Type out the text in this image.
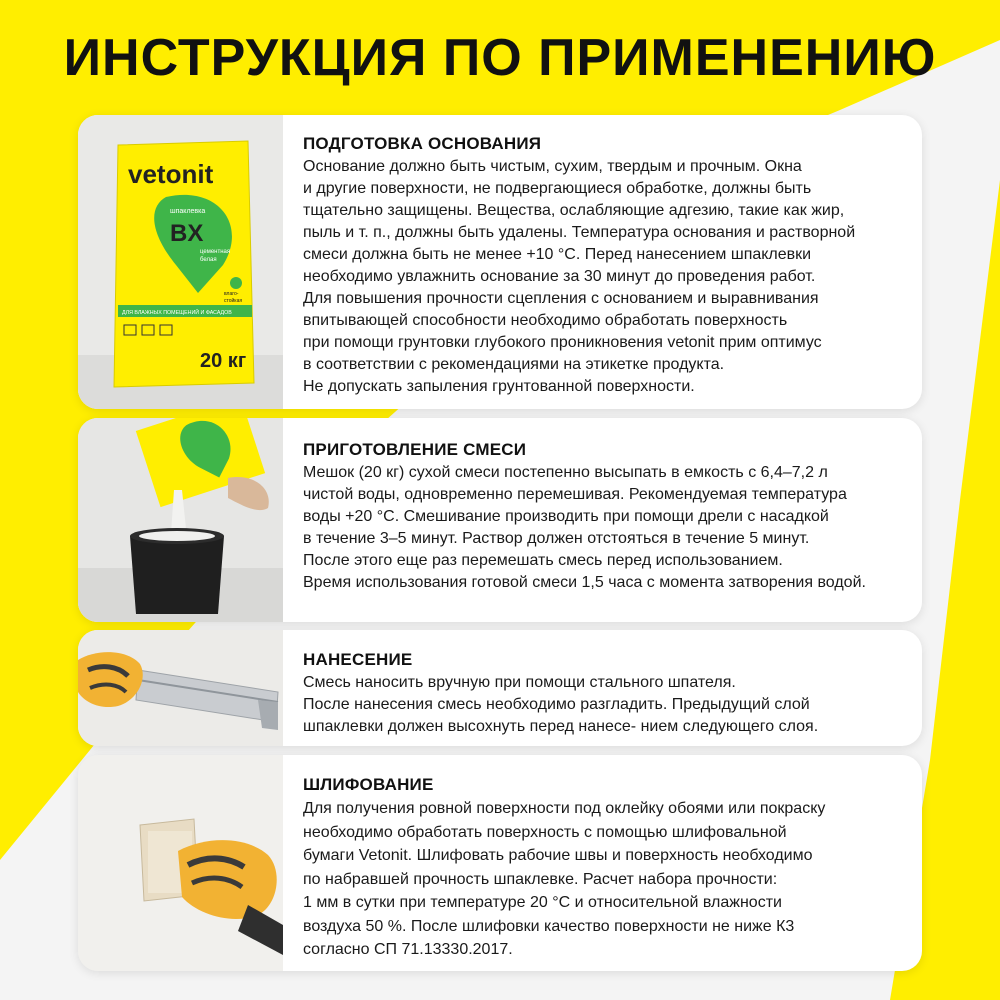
ИНСТРУКЦИЯ ПО ПРИМЕНЕНИЮ
vetonit
шпаклевка
BX
цементная
белая
влаго-
стойкая
ДЛЯ ВЛАЖНЫХ ПОМЕЩЕНИЙ И ФАСАДОВ
20 кг
ПОДГОТОВКА ОСНОВАНИЯ

Основание должно быть чистым, сухим, твердым и прочным. Окна
и другие поверхности, не подвергающиеся обработке, должны быть
тщательно защищены. Вещества, ослабляющие адгезию, такие как жир,
пыль и т. п., должны быть удалены. Температура основания и растворной
смеси должна быть не менее +10 °С. Перед нанесением шпаклевки
необходимо увлажнить основание за 30 минут до проведения работ.
Для повышения прочности сцепления с основанием и выравнивания
впитывающей способности необходимо обработать поверхность
при помощи грунтовки глубокого проникновения vetonit прим оптимус
в соответствии с рекомендациями на этикетке продукта.
Не допускать запыления грунтованной поверхности.

ПРИГОТОВЛЕНИЕ СМЕСИ

Мешок (20 кг) сухой смеси постепенно высыпать в емкость с 6,4–7,2 л
чистой воды, одновременно перемешивая. Рекомендуемая температура
воды +20 °С. Смешивание производить при помощи дрели с насадкой
в течение 3–5 минут. Раствор должен отстояться в течение 5 минут.
После этого еще раз перемешать смесь перед использованием.
Время использования готовой смеси 1,5 часа с момента затворения водой.

НАНЕСЕНИЕ

Смесь наносить вручную при помощи стального шпателя.
После нанесения смесь необходимо разгладить. Предыдущий слой
шпаклевки должен высохнуть перед нанесе- нием следующего слоя.

ШЛИФОВАНИЕ

Для получения ровной поверхности под оклейку обоями или покраску
необходимо обработать поверхность с помощью шлифовальной
бумаги Vetonit. Шлифовать рабочие швы и поверхность необходимо
по набравшей прочность шпаклевке. Расчет набора прочности:
1 мм в сутки при температуре 20 °С и относительной влажности
воздуха 50 %. После шлифовки качество поверхности не ниже К3
согласно СП 71.13330.2017.
